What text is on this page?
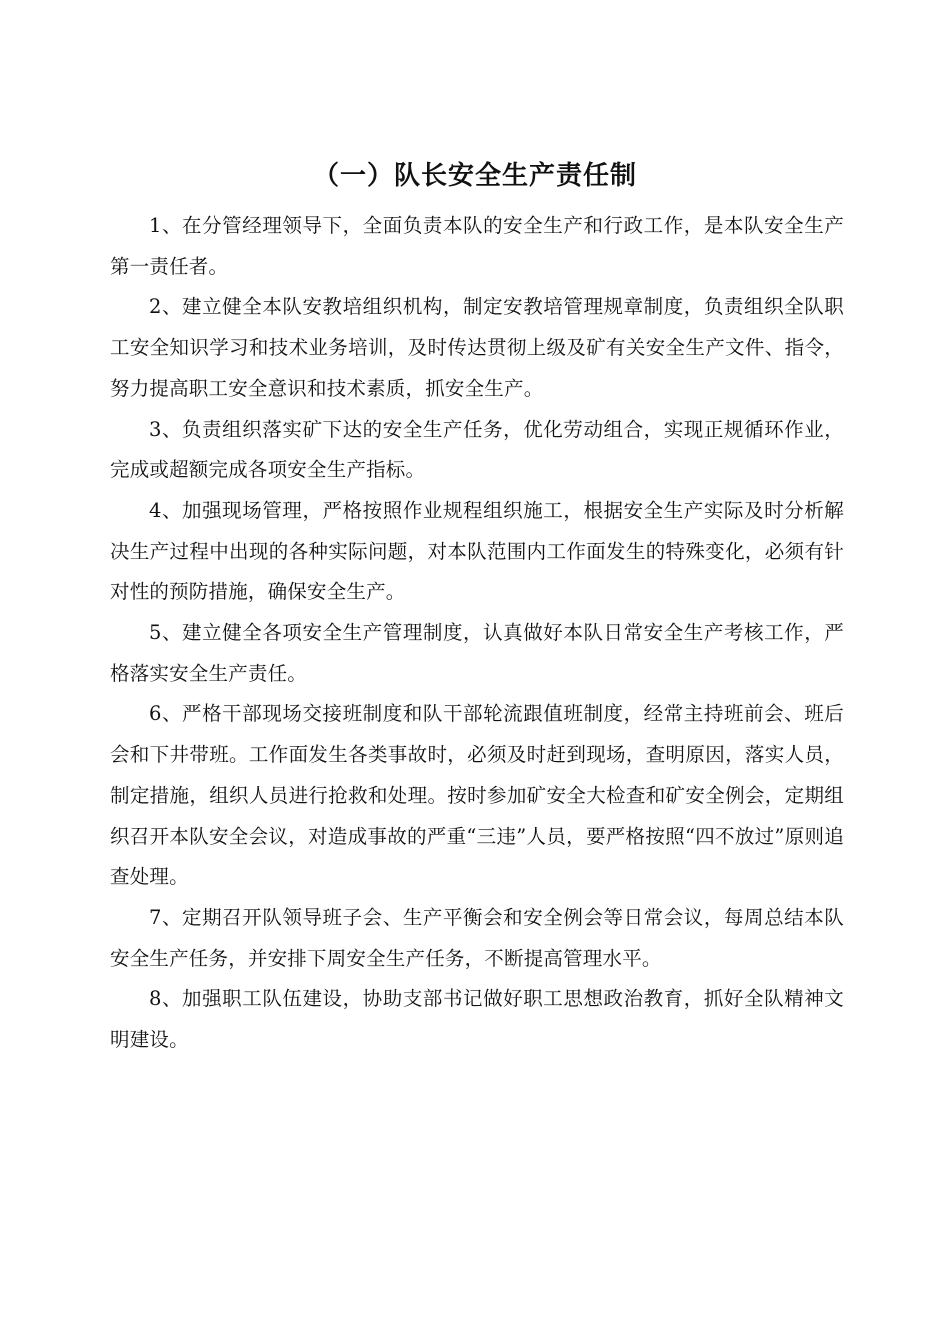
（一）队长安全生产责任制

1、在分管经理领导下，全面负责本队的安全生产和行政工作，是本队安全生产第一责任者。

2、建立健全本队安教培组织机构，制定安教培管理规章制度，负责组织全队职工安全知识学习和技术业务培训，及时传达贯彻上级及矿有关安全生产文件、指令，努力提高职工安全意识和技术素质，抓安全生产。

3、负责组织落实矿下达的安全生产任务，优化劳动组合，实现正规循环作业，完成或超额完成各项安全生产指标。

4、加强现场管理，严格按照作业规程组织施工，根据安全生产实际及时分析解决生产过程中出现的各种实际问题，对本队范围内工作面发生的特殊变化，必须有针对性的预防措施，确保安全生产。

5、建立健全各项安全生产管理制度，认真做好本队日常安全生产考核工作，严格落实安全生产责任。

6、严格干部现场交接班制度和队干部轮流跟值班制度，经常主持班前会、班后会和下井带班。工作面发生各类事故时，必须及时赶到现场，查明原因，落实人员，制定措施，组织人员进行抢救和处理。按时参加矿安全大检查和矿安全例会，定期组织召开本队安全会议，对造成事故的严重“三违”人员，要严格按照“四不放过”原则追查处理。

7、定期召开队领导班子会、生产平衡会和安全例会等日常会议，每周总结本队安全生产任务，并安排下周安全生产任务，不断提高管理水平。

8、加强职工队伍建设，协助支部书记做好职工思想政治教育，抓好全队精神文明建设。
